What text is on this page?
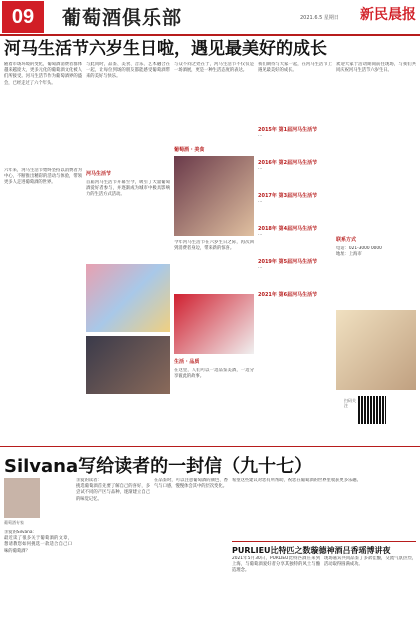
09	葡萄酒俱乐部	2021.6.5 星期日 新民晨报
河马生活节六岁生日啦，遇见最美好的成长
随着市场环境的变化，葡萄酒消费者群体越来越庞大，更多元化的葡萄酒文化被人们所接受。河马生活节作为葡萄酒界的盛会，已经走过了六个年头。
六年来，河马生活节始终坚持以消费者为中心，不断推出精彩的活动与体验，带领更多人走进葡萄酒的世界。
与此同时，品鉴、美食、音乐、艺术融合在一起，让每位到场的朋友都能感受葡萄酒带来的美好与快乐。
河马生活节
首届河马生活节开幕至今，吸引了大量葡萄酒爱好者参与，并逐渐成为城市中极具影响力的生活方式活动。
与众不同之处在于，河马生活节不仅仅是一场酒展，更是一种生活态度的表达。
葡萄酒 · 美食
今年河马生活节在六岁生日之际，再次回到消费者身边，带来新的惊喜。
生活 · 品质
在这里，人们可以一边品鉴美酒，一边分享彼此的故事。
我们期待与大家一起，在河马生活节上遇见最美好的成长。
2015年 第1届河马生活节
…
2016年 第2届河马生活节
…
2017年 第3届河马生活节
…
2018年 第4届河马生活节
…
2019年 第5届河马生活节
…
2021年 第6届河马生活节
欢迎大家于活动期间前往现场，与我们共同庆祝河马生活节六岁生日。
联系方式
电话：021-3000 0000
地址：上海市
扫码关注
Silvana写给读者的一封信（九十七）
葡萄酒专家
亲爱的Silvana：
最近读了很多关于葡萄酒的文章，想请教您如何挑选一款适合自己口味的葡萄酒？
亲爱的读者：
挑选葡萄酒首先要了解自己的喜好，多尝试不同的产区与品种，逐渐建立自己的味觉记忆。
在品鉴时，可以注意葡萄酒的颜色、香气与口感，慢慢体会其中的层次变化。
希望这些建议对您有所帮助，祝您在葡萄酒的世界里收获更多乐趣。
PURLIEU比特匹之数璇德神酒吕香瑶博讲夜
2021年5月30日，PURLIEU比特匹酒庄来到上海，与葡萄酒爱好者分享其独特的风土与酿造理念。
现场嘉宾共同品鉴了多款佳酿，交流气氛热烈，活动取得圆满成功。
